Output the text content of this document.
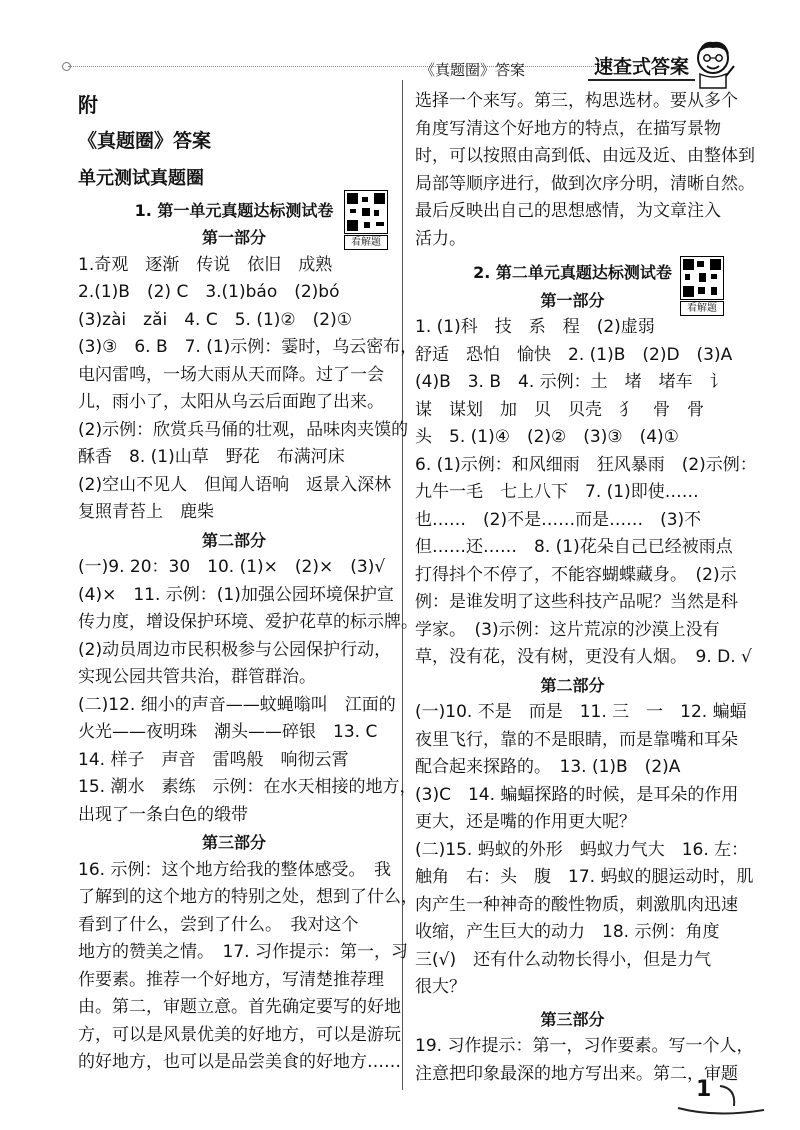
《真题圈》答案	速查式答案
附
《真题圈》答案
单元测试真题圈
1. 第一单元真题达标测试卷
第一部分
1.奇观　逐渐　传说　依旧　成熟
2.(1)B　(2) C　3.(1)báo　(2)bó
(3)zài　zǎi　4. C　5. (1)②　(2)①
(3)③　6. B　7. (1)示例：霎时，乌云密布，
电闪雷鸣，一场大雨从天而降。过了一会
儿，雨小了，太阳从乌云后面跑了出来。
(2)示例：欣赏兵马俑的壮观，品味肉夹馍的
酥香　8. (1)山草　野花　布满河床
(2)空山不见人　但闻人语响　返景入深林
复照青苔上　鹿柴
第二部分
(一)9. 20：30　10. (1)×　(2)×　(3)√
(4)×　11. 示例：(1)加强公园环境保护宣
传力度，增设保护环境、爱护花草的标示牌。
(2)动员周边市民积极参与公园保护行动，
实现公园共管共治，群管群治。
(二)12. 细小的声音——蚊蝇嗡叫　江面的
火光——夜明珠　潮头——碎银　13. C
14. 样子　声音　雷鸣般　响彻云霄
15. 潮水　素练　示例：在水天相接的地方，
出现了一条白色的缎带
第三部分
16. 示例：这个地方给我的整体感受。　我
了解到的这个地方的特别之处，想到了什么，
看到了什么，尝到了什么。　我对这个
地方的赞美之情。　17. 习作提示：第一，习
作要素。推荐一个好地方，写清楚推荐理
由。第二，审题立意。首先确定要写的好地
方，可以是风景优美的好地方，可以是游玩
的好地方，也可以是品尝美食的好地方……
看解题
选择一个来写。第三，构思选材。要从多个
角度写清这个好地方的特点，在描写景物
时，可以按照由高到低、由远及近、由整体到
局部等顺序进行，做到次序分明，清晰自然。
最后反映出自己的思想感情，为文章注入
活力。
2. 第二单元真题达标测试卷
第一部分
1. (1)科　技　系　程　(2)虚弱
舒适　恐怕　愉快　2. (1)B　(2)D　(3)A
(4)B　3. B　4. 示例：土　堵　堵车　讠
谋　谋划　加　贝　贝壳　犭　骨　骨
头　5. (1)④　(2)②　(3)③　(4)①
6. (1)示例：和风细雨　狂风暴雨　(2)示例：
九牛一毛　七上八下　7. (1)即使……
也……　(2)不是……而是……　(3)不
但……还……　8. (1)花朵自己已经被雨点
打得抖个不停了，不能容蝴蝶藏身。　(2)示
例：是谁发明了这些科技产品呢？当然是科
学家。　(3)示例：这片荒凉的沙漠上没有
草，没有花，没有树，更没有人烟。　9. D. √
第二部分
(一)10. 不是　而是　11. 三　一　12. 蝙蝠
夜里飞行，靠的不是眼睛，而是靠嘴和耳朵
配合起来探路的。　13. (1)B　(2)A
(3)C　14. 蝙蝠探路的时候，是耳朵的作用
更大，还是嘴的作用更大呢？
(二)15. 蚂蚁的外形　蚂蚁力气大　16. 左：
触角　右：头　腹　17. 蚂蚁的腿运动时，肌
肉产生一种神奇的酸性物质，刺激肌肉迅速
收缩，产生巨大的动力　18. 示例：角度
三(√)　还有什么动物长得小，但是力气
很大？
第三部分
19. 习作提示：第一，习作要素。写一个人，
注意把印象最深的地方写出来。第二，审题
看解题
1
